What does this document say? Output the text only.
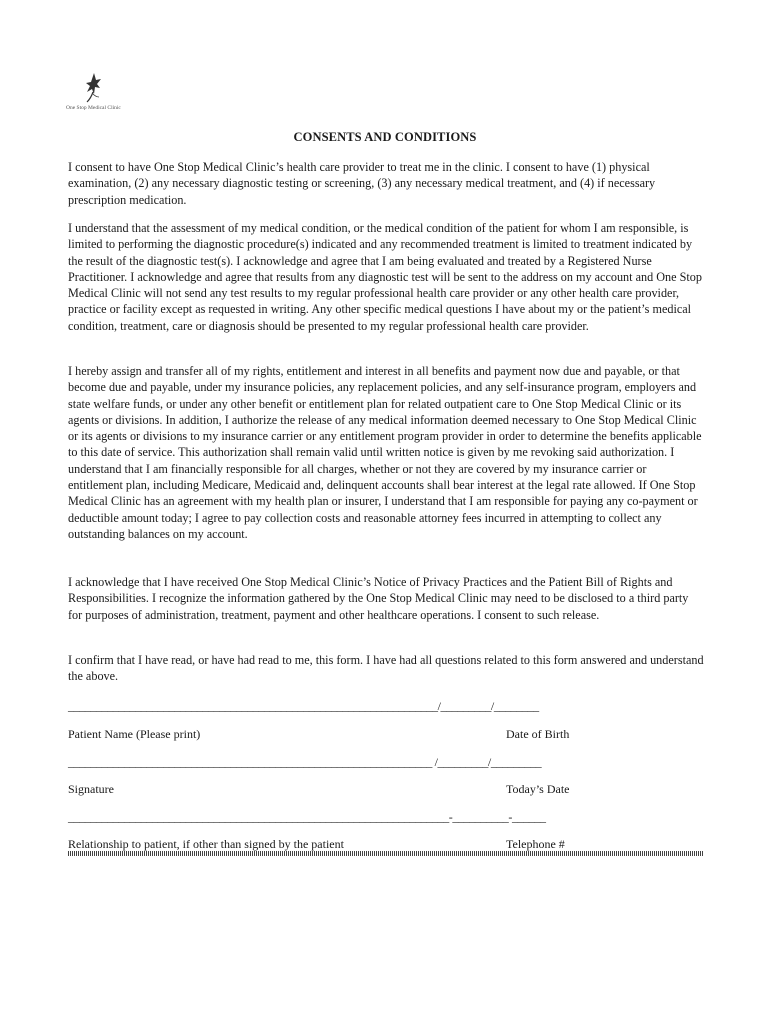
One Stop Medical Clinic
CONSENTS AND CONDITIONS
I consent to have One Stop Medical Clinic’s health care provider to treat me in the clinic. I consent to have (1) physical examination, (2) any necessary diagnostic testing or screening, (3) any necessary medical treatment, and (4) if necessary prescription medication.
I understand that the assessment of my medical condition, or the medical condition of the patient for whom I am responsible, is limited to performing the diagnostic procedure(s) indicated and any recommended treatment is limited to treatment indicated by the result of the diagnostic test(s). I acknowledge and agree that I am being evaluated and treated by a Registered Nurse Practitioner. I acknowledge and agree that results from any diagnostic test will be sent to the address on my account and One Stop Medical Clinic will not send any test results to my regular professional health care provider or any other health care provider, practice or facility except as requested in writing. Any other specific medical questions I have about my or the patient’s medical condition, treatment, care or diagnosis should be presented to my regular professional health care provider.
I hereby assign and transfer all of my rights, entitlement and interest in all benefits and payment now due and payable, or that become due and payable, under my insurance policies, any replacement policies, and any self-insurance program, employers and state welfare funds, or under any other benefit or entitlement plan for related outpatient care to One Stop Medical Clinic or its agents or divisions. In addition, I authorize the release of any medical information deemed necessary to One Stop Medical Clinic or its agents or divisions to my insurance carrier or any entitlement program provider in order to determine the benefits applicable to this date of service. This authorization shall remain valid until written notice is given by me revoking said authorization. I understand that I am financially responsible for all charges, whether or not they are covered by my insurance carrier or entitlement plan, including Medicare, Medicaid and, delinquent accounts shall bear interest at the legal rate allowed. If One Stop Medical Clinic has an agreement with my health plan or insurer, I understand that I am responsible for paying any co-payment or deductible amount today; I agree to pay collection costs and reasonable attorney fees incurred in attempting to collect any outstanding balances on my account.
I acknowledge that I have received One Stop Medical Clinic’s Notice of Privacy Practices and the Patient Bill of Rights and Responsibilities. I recognize the information gathered by the One Stop Medical Clinic may need to be disclosed to a third party for purposes of administration, treatment, payment and other healthcare operations. I consent to such release.
I confirm that I have read, or have had read to me, this form. I have had all questions related to this form answered and understand the above.
__________________________________________________________________/_________/________
Patient Name (Please print)	Date of Birth
_________________________________________________________________ /_________/_________
Signature	Today’s Date
____________________________________________________________________-__________-______
Relationship to patient, if other than signed by the patient	Telephone #
